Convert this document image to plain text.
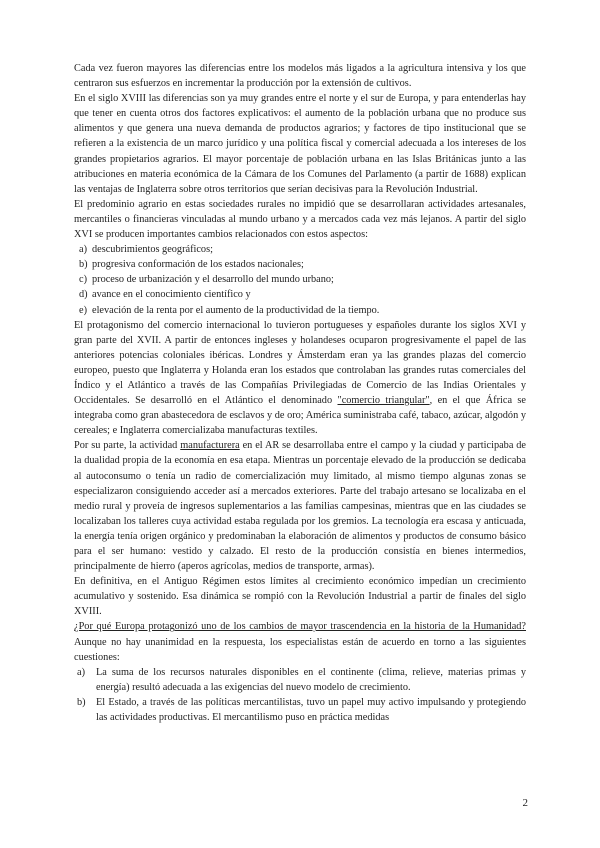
Cada vez fueron mayores las diferencias entre los modelos más ligados a la agricultura intensiva y los que centraron sus esfuerzos en incrementar la producción por la extensión de cultivos.

En el siglo XVIII las diferencias son ya muy grandes entre el norte y el sur de Europa, y para entenderlas hay que tener en cuenta otros dos factores explicativos: el aumento de la población urbana que no produce sus alimentos y que genera una nueva demanda de productos agrarios; y factores de tipo institucional que se refieren a la existencia de un marco jurídico y una política fiscal y comercial adecuada a los intereses de los grandes propietarios agrarios. El mayor porcentaje de población urbana en las Islas Británicas junto a las atribuciones en materia económica de la Cámara de los Comunes del Parlamento (a partir de 1688) explican las ventajas de Inglaterra sobre otros territorios que serían decisivas para la Revolución Industrial.

El predominio agrario en estas sociedades rurales no impidió que se desarrollaran actividades artesanales, mercantiles o financieras vinculadas al mundo urbano y a mercados cada vez más lejanos. A partir del siglo XVI se producen importantes cambios relacionados con estos aspectos:

a) descubrimientos geográficos;
b) progresiva conformación de los estados nacionales;
c) proceso de urbanización y el desarrollo del mundo urbano;
d) avance en el conocimiento científico y
e) elevación de la renta por el aumento de la productividad de la tiempo.

El protagonismo del comercio internacional lo tuvieron portugueses y españoles durante los siglos XVI y gran parte del XVII. A partir de entonces ingleses y holandeses ocuparon progresivamente el papel de las anteriores potencias coloniales ibéricas. Londres y Ámsterdam eran ya las grandes plazas del comercio europeo, puesto que Inglaterra y Holanda eran los estados que controlaban las grandes rutas comerciales del Índico y el Atlántico a través de las Compañías Privilegiadas de Comercio de las Indias Orientales y Occidentales. Se desarrolló en el Atlántico el denominado "comercio triangular", en el que África se integraba como gran abastecedora de esclavos y de oro; América suministraba café, tabaco, azúcar, algodón y cereales; e Inglaterra comercializaba manufacturas textiles.

Por su parte, la actividad manufacturera en el AR se desarrollaba entre el campo y la ciudad y participaba de la dualidad propia de la economía en esa etapa. Mientras un porcentaje elevado de la producción se dedicaba al autoconsumo o tenía un radio de comercialización muy limitado, al mismo tiempo algunas zonas se especializaron consiguiendo acceder así a mercados exteriores. Parte del trabajo artesano se localizaba en el medio rural y proveía de ingresos suplementarios a las familias campesinas, mientras que en las ciudades se localizaban los talleres cuya actividad estaba regulada por los gremios. La tecnología era escasa y anticuada, la energía tenía origen orgánico y predominaban la elaboración de alimentos y productos de consumo básico para el ser humano: vestido y calzado. El resto de la producción consistía en bienes intermedios, principalmente de hierro (aperos agrícolas, medios de transporte, armas).

En definitiva, en el Antiguo Régimen estos límites al crecimiento económico impedían un crecimiento acumulativo y sostenido. Esa dinámica se rompió con la Revolución Industrial a partir de finales del siglo XVIII.

¿Por qué Europa protagonizó uno de los cambios de mayor trascendencia en la historia de la Humanidad? Aunque no hay unanimidad en la respuesta, los especialistas están de acuerdo en torno a las siguientes cuestiones:

a) La suma de los recursos naturales disponibles en el continente (clima, relieve, materias primas y energía) resultó adecuada a las exigencias del nuevo modelo de crecimiento.
b) El Estado, a través de las políticas mercantilistas, tuvo un papel muy activo impulsando y protegiendo las actividades productivas. El mercantilismo puso en práctica medidas
2
